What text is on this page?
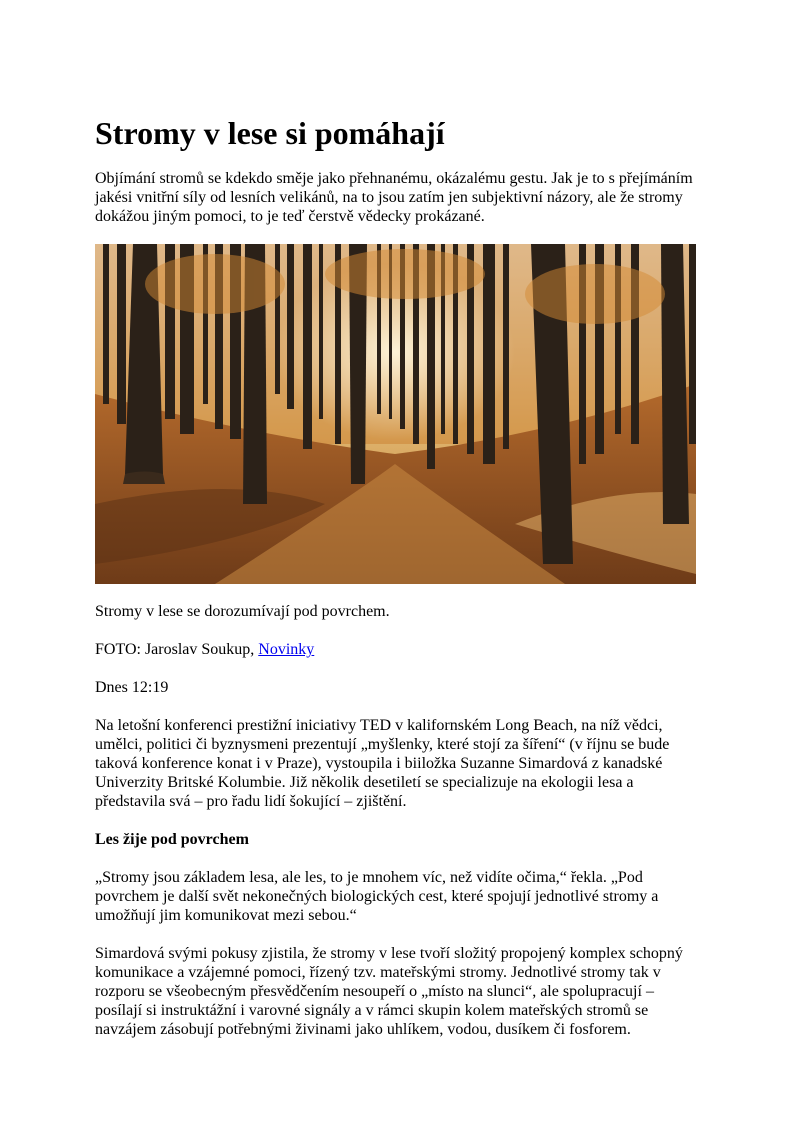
Stromy v lese si pomáhají

Objímání stromů se kdekdo směje jako přehnanému, okázalému gestu. Jak je to s přejímáním jakési vnitřní síly od lesních velikánů, na to jsou zatím jen subjektivní názory, ale že stromy dokážou jiným pomoci, to je teď čerstvě vědecky prokázané.

Stromy v lese se dorozumívají pod povrchem.

FOTO: Jaroslav Soukup, Novinky

Dnes 12:19

Na letošní konferenci prestižní iniciativy TED v kalifornském Long Beach, na níž vědci, umělci, politici či byznysmeni prezentují „myšlenky, které stojí za šíření“ (v říjnu se bude taková konference konat i v Praze), vystoupila i biiložka Suzanne Simardová z kanadské Univerzity Britské Kolumbie. Již několik desetiletí se specializuje na ekologii lesa a představila svá – pro řadu lidí šokující – zjištění.

Les žije pod povrchem

„Stromy jsou základem lesa, ale les, to je mnohem víc, než vidíte očima,“ řekla. „Pod povrchem je další svět nekonečných biologických cest, které spojují jednotlivé stromy a umožňují jim komunikovat mezi sebou.“

Simardová svými pokusy zjistila, že stromy v lese tvoří složitý propojený komplex schopný komunikace a vzájemné pomoci, řízený tzv. mateřskými stromy. Jednotlivé stromy tak v rozporu se všeobecným přesvědčením nesoupeří o „místo na slunci“, ale spolupracují – posílají si instruktážní i varovné signály a v rámci skupin kolem mateřských stromů se navzájem zásobují potřebnými živinami jako uhlíkem, vodou, dusíkem či fosforem.
